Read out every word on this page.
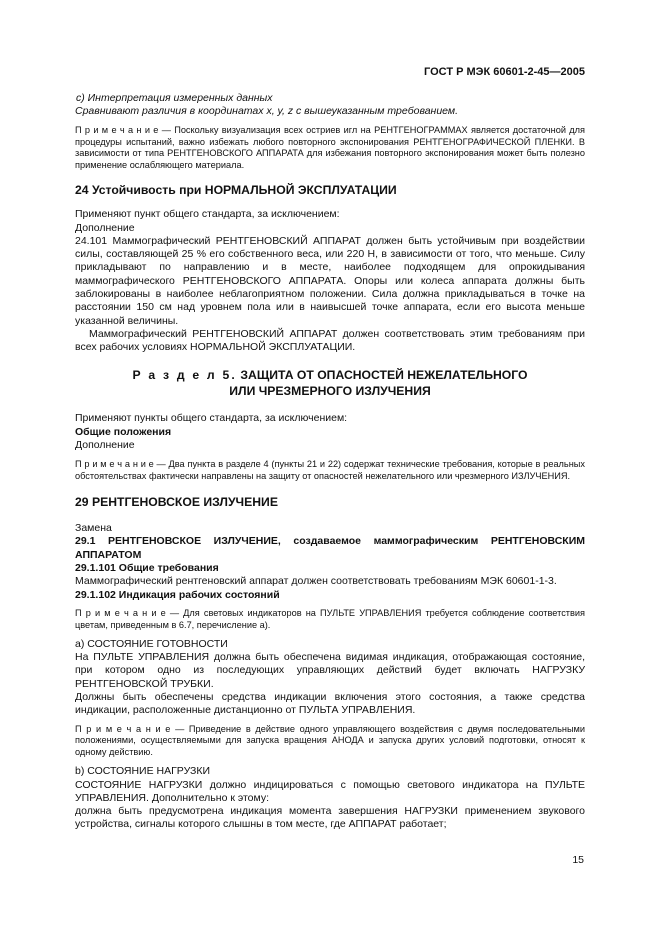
ГОСТ Р МЭК 60601-2-45—2005

с) Интерпретация измеренных данных

Сравнивают различия в координатах x, y, z с вышеуказанным требованием.

П р и м е ч а н и е — Поскольку визуализация всех остриев игл на РЕНТГЕНОГРАММАХ является достаточной для процедуры испытаний, важно избежать любого повторного экспонирования РЕНТГЕНОГРАФИЧЕСКОЙ ПЛЕНКИ. В зависимости от типа РЕНТГЕНОВСКОГО АППАРАТА для избежания повторного экспонирования может быть полезно применение ослабляющего материала.

24 Устойчивость при НОРМАЛЬНОЙ ЭКСПЛУАТАЦИИ

Применяют пункт общего стандарта, за исключением:

Дополнение

24.101 Маммографический РЕНТГЕНОВСКИЙ АППАРАТ должен быть устойчивым при воздействии силы, составляющей 25 % его собственного веса, или 220 Н, в зависимости от того, что меньше. Силу прикладывают по направлению и в месте, наиболее подходящем для опрокидывания маммографического РЕНТГЕНОВСКОГО АППАРАТА. Опоры или колеса аппарата должны быть заблокированы в наиболее неблагоприятном положении. Сила должна прикладываться в точке на расстоянии 150 см над уровнем пола или в наивысшей точке аппарата, если его высота меньше указанной величины.

Маммографический РЕНТГЕНОВСКИЙ АППАРАТ должен соответствовать этим требованиям при всех рабочих условиях НОРМАЛЬНОЙ ЭКСПЛУАТАЦИИ.

Р а з д е л 5. ЗАЩИТА ОТ ОПАСНОСТЕЙ НЕЖЕЛАТЕЛЬНОГО

ИЛИ ЧРЕЗМЕРНОГО ИЗЛУЧЕНИЯ

Применяют пункты общего стандарта, за исключением:

Общие положения

Дополнение

П р и м е ч а н и е — Два пункта в разделе 4 (пункты 21 и 22) содержат технические требования, которые в реальных обстоятельствах фактически направлены на защиту от опасностей нежелательного или чрезмерного ИЗЛУЧЕНИЯ.

29 РЕНТГЕНОВСКОЕ ИЗЛУЧЕНИЕ

Замена

29.1 РЕНТГЕНОВСКОЕ ИЗЛУЧЕНИЕ, создаваемое маммографическим РЕНТГЕНОВСКИМ АППАРАТОМ

29.1.101 Общие требования

Маммографический рентгеновский аппарат должен соответствовать требованиям МЭК 60601-1-3.

29.1.102 Индикация рабочих состояний

П р и м е ч а н и е — Для световых индикаторов на ПУЛЬТЕ УПРАВЛЕНИЯ требуется соблюдение соответствия цветам, приведенным в 6.7, перечисление а).

а) СОСТОЯНИЕ ГОТОВНОСТИ

На ПУЛЬТЕ УПРАВЛЕНИЯ должна быть обеспечена видимая индикация, отображающая состояние, при котором одно из последующих управляющих действий будет включать НАГРУЗКУ РЕНТГЕНОВСКОЙ ТРУБКИ.

Должны быть обеспечены средства индикации включения этого состояния, а также средства индикации, расположенные дистанционно от ПУЛЬТА УПРАВЛЕНИЯ.

П р и м е ч а н и е — Приведение в действие одного управляющего воздействия с двумя последовательными положениями, осуществляемыми для запуска вращения АНОДА и запуска других условий подготовки, относят к одному действию.

b) СОСТОЯНИЕ НАГРУЗКИ

СОСТОЯНИЕ НАГРУЗКИ должно индицироваться с помощью светового индикатора на ПУЛЬТЕ УПРАВЛЕНИЯ. Дополнительно к этому:

должна быть предусмотрена индикация момента завершения НАГРУЗКИ применением звукового устройства, сигналы которого слышны в том месте, где АППАРАТ работает;

15
